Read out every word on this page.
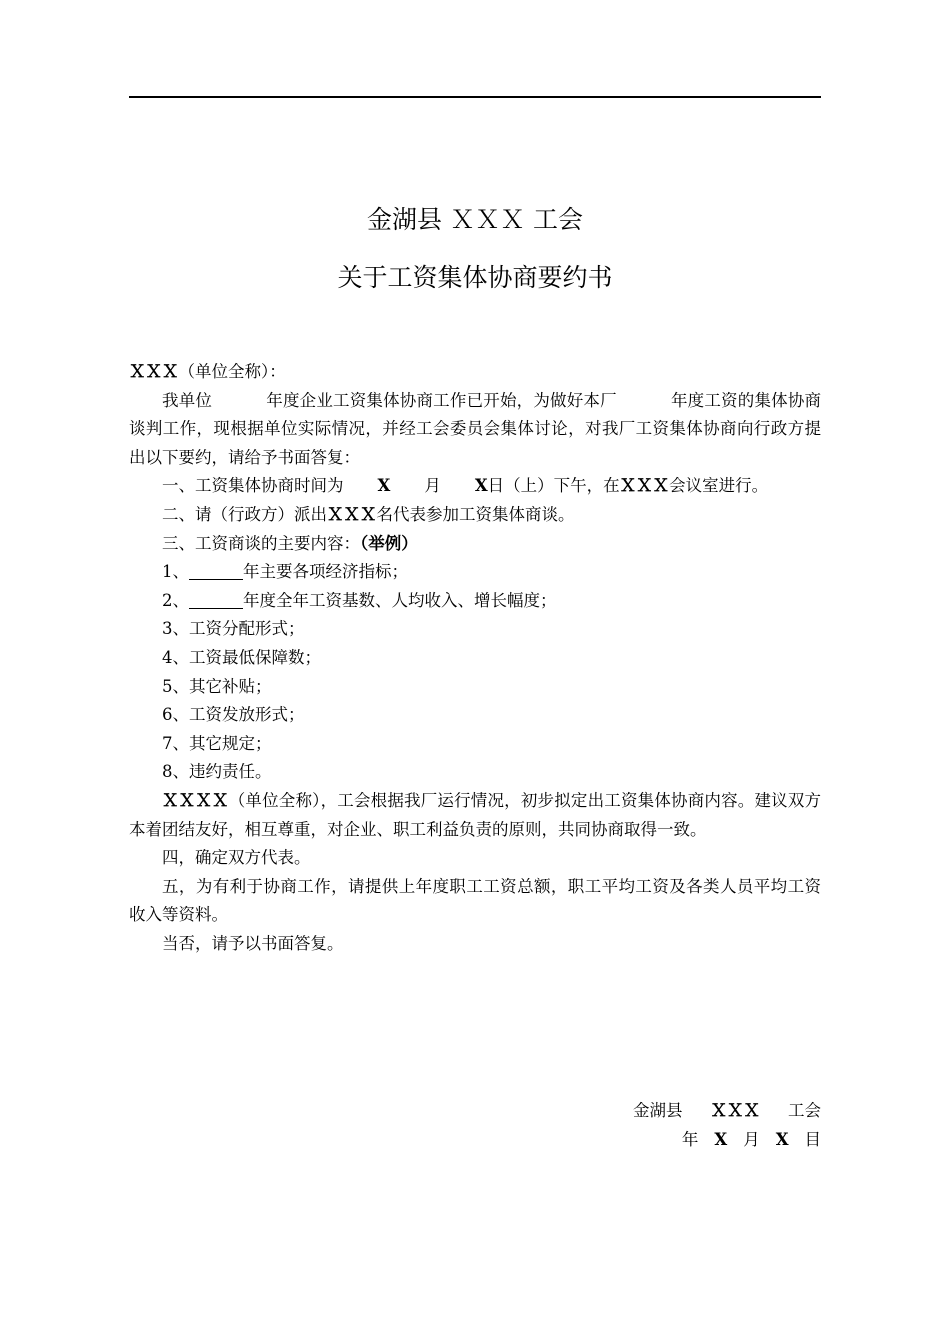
金湖县 ＸＸＸ 工会
关于工资集体协商要约书

ＸＸＸ（单位全称）：

我单位	年度企业工资集体协商工作已开始，为做好本厂	年度工资的集体协商谈判工作，现根据单位实际情况，并经工会委员会集体讨论，对我厂工资集体协商向行政方提出以下要约，请给予书面答复：

一、工资集体协商时间为 X 月 X日（上）下午，在ＸＸＸ会议室进行。

二、请（行政方）派出ＸＸＸ名代表参加工资集体商谈。

三、工资商谈的主要内容：（举例）

1、	年主要各项经济指标；

2、	年度全年工资基数、人均收入、增长幅度；

3、工资分配形式；

4、工资最低保障数；

5、其它补贴；

6、工资发放形式；

7、其它规定；

8、违约责任。

ＸＸＸＸ（单位全称），工会根据我厂运行情况，初步拟定出工资集体协商内容。建议双方本着团结友好，相互尊重，对企业、职工利益负责的原则，共同协商取得一致。

四，确定双方代表。

五，为有利于协商工作，请提供上年度职工工资总额，职工平均工资及各类人员平均工资收入等资料。

当否，请予以书面答复。

金湖县 ＸＸＸ 工会
年 X 月 X 目
